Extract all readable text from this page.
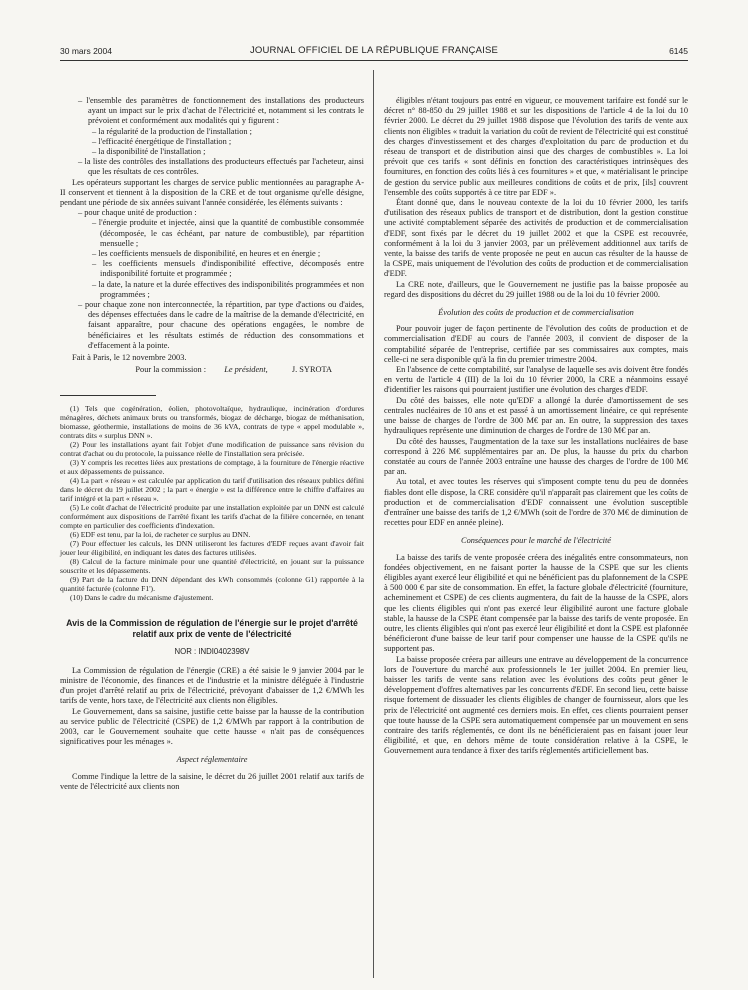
30 mars 2004	JOURNAL OFFICIEL DE LA RÉPUBLIQUE FRANÇAISE	6145

– l'ensemble des paramètres de fonctionnement des installations des producteurs ayant un impact sur le prix d'achat de l'électricité et, notamment si les contrats le prévoient et conformément aux modalités qui y figurent :

– la régularité de la production de l'installation ;

– l'efficacité énergétique de l'installation ;

– la disponibilité de l'installation ;

– la liste des contrôles des installations des producteurs effectués par l'acheteur, ainsi que les résultats de ces contrôles.

Les opérateurs supportant les charges de service public mentionnées au paragraphe A-II conservent et tiennent à la disposition de la CRE et de tout organisme qu'elle désigne, pendant une période de six années suivant l'année considérée, les éléments suivants :

– pour chaque unité de production :

– l'énergie produite et injectée, ainsi que la quantité de combustible consommée (décomposée, le cas échéant, par nature de combustible), par répartition mensuelle ;

– les coefficients mensuels de disponibilité, en heures et en énergie ;

– les coefficients mensuels d'indisponibilité effective, décomposés entre indisponibilité fortuite et programmée ;

– la date, la nature et la durée effectives des indisponibilités programmées et non programmées ;

– pour chaque zone non interconnectée, la répartition, par type d'actions ou d'aides, des dépenses effectuées dans le cadre de la maîtrise de la demande d'électricité, en faisant apparaître, pour chacune des opérations engagées, le nombre de bénéficiaires et les résultats estimés de réduction des consommations et d'effacement à la pointe.

Fait à Paris, le 12 novembre 2003.

Pour la commission : Le président,	J. SYROTA

(1) Tels que cogénération, éolien, photovoltaïque, hydraulique, incinération d'ordures ménagères, déchets animaux bruts ou transformés, biogaz de décharge, biogaz de méthanisation, biomasse, géothermie, installations de moins de 36 kVA, contrats de type « appel modulable », contrats dits « surplus DNN ».

(2) Pour les installations ayant fait l'objet d'une modification de puissance sans révision du contrat d'achat ou du protocole, la puissance réelle de l'installation sera précisée.

(3) Y compris les recettes liées aux prestations de comptage, à la fourniture de l'énergie réactive et aux dépassements de puissance.

(4) La part « réseau » est calculée par application du tarif d'utilisation des réseaux publics défini dans le décret du 19 juillet 2002 ; la part « énergie » est la différence entre le chiffre d'affaires au tarif intégré et la part « réseau ».

(5) Le coût d'achat de l'électricité produite par une installation exploitée par un DNN est calculé conformément aux dispositions de l'arrêté fixant les tarifs d'achat de la filière concernée, en tenant compte en particulier des coefficients d'indexation.

(6) EDF est tenu, par la loi, de racheter ce surplus au DNN.

(7) Pour effectuer les calculs, les DNN utiliseront les factures d'EDF reçues avant d'avoir fait jouer leur éligibilité, en indiquant les dates des factures utilisées.

(8) Calcul de la facture minimale pour une quantité d'électricité, en jouant sur la puissance souscrite et les dépassements.

(9) Part de la facture du DNN dépendant des kWh consommés (colonne G1) rapportée à la quantité facturée (colonne F1').

(10) Dans le cadre du mécanisme d'ajustement.

Avis de la Commission de régulation de l'énergie sur le projet d'arrêté relatif aux prix de vente de l'électricité
NOR : INDI0402398V

La Commission de régulation de l'énergie (CRE) a été saisie le 9 janvier 2004 par le ministre de l'économie, des finances et de l'industrie et la ministre déléguée à l'industrie d'un projet d'arrêté relatif au prix de l'électricité, prévoyant d'abaisser de 1,2 €/MWh les tarifs de vente, hors taxe, de l'électricité aux clients non éligibles.

Le Gouvernement, dans sa saisine, justifie cette baisse par la hausse de la contribution au service public de l'électricité (CSPE) de 1,2 €/MWh par rapport à la contribution de 2003, car le Gouvernement souhaite que cette hausse « n'ait pas de conséquences significatives pour les ménages ».

Aspect réglementaire

Comme l'indique la lettre de la saisine, le décret du 26 juillet 2001 relatif aux tarifs de vente de l'électricité aux clients non

éligibles n'étant toujours pas entré en vigueur, ce mouvement tarifaire est fondé sur le décret n° 88-850 du 29 juillet 1988 et sur les dispositions de l'article 4 de la loi du 10 février 2000. Le décret du 29 juillet 1988 dispose que l'évolution des tarifs de vente aux clients non éligibles « traduit la variation du coût de revient de l'électricité qui est constitué des charges d'investissement et des charges d'exploitation du parc de production et du réseau de transport et de distribution ainsi que des charges de combustibles ». La loi prévoit que ces tarifs « sont définis en fonction des caractéristiques intrinsèques des fournitures, en fonction des coûts liés à ces fournitures » et que, « matérialisant le principe de gestion du service public aux meilleures conditions de coûts et de prix, [ils] couvrent l'ensemble des coûts supportés à ce titre par EDF ».

Étant donné que, dans le nouveau contexte de la loi du 10 février 2000, les tarifs d'utilisation des réseaux publics de transport et de distribution, dont la gestion constitue une activité comptablement séparée des activités de production et de commercialisation d'EDF, sont fixés par le décret du 19 juillet 2002 et que la CSPE est recouvrée, conformément à la loi du 3 janvier 2003, par un prélèvement additionnel aux tarifs de vente, la baisse des tarifs de vente proposée ne peut en aucun cas résulter de la hausse de la CSPE, mais uniquement de l'évolution des coûts de production et de commercialisation d'EDF.

La CRE note, d'ailleurs, que le Gouvernement ne justifie pas la baisse proposée au regard des dispositions du décret du 29 juillet 1988 ou de la loi du 10 février 2000.

Évolution des coûts de production et de commercialisation

Pour pouvoir juger de façon pertinente de l'évolution des coûts de production et de commercialisation d'EDF au cours de l'année 2003, il convient de disposer de la comptabilité séparée de l'entreprise, certifiée par ses commissaires aux comptes, mais celle-ci ne sera disponible qu'à la fin du premier trimestre 2004.

En l'absence de cette comptabilité, sur l'analyse de laquelle ses avis doivent être fondés en vertu de l'article 4 (III) de la loi du 10 février 2000, la CRE a néanmoins essayé d'identifier les raisons qui pourraient justifier une évolution des charges d'EDF.

Du côté des baisses, elle note qu'EDF a allongé la durée d'amortissement de ses centrales nucléaires de 10 ans et est passé à un amortissement linéaire, ce qui représente une baisse de charges de l'ordre de 300 M€ par an. En outre, la suppression des taxes hydrauliques représente une diminution de charges de l'ordre de 130 M€ par an.

Du côté des hausses, l'augmentation de la taxe sur les installations nucléaires de base correspond à 226 M€ supplémentaires par an. De plus, la hausse du prix du charbon constatée au cours de l'année 2003 entraîne une hausse des charges de l'ordre de 100 M€ par an.

Au total, et avec toutes les réserves qui s'imposent compte tenu du peu de données fiables dont elle dispose, la CRE considère qu'il n'apparaît pas clairement que les coûts de production et de commercialisation d'EDF connaissent une évolution susceptible d'entraîner une baisse des tarifs de 1,2 €/MWh (soit de l'ordre de 370 M€ de diminution de recettes pour EDF en année pleine).

Conséquences pour le marché de l'électricité

La baisse des tarifs de vente proposée créera des inégalités entre consommateurs, non fondées objectivement, en ne faisant porter la hausse de la CSPE que sur les clients éligibles ayant exercé leur éligibilité et qui ne bénéficient pas du plafonnement de la CSPE à 500 000 € par site de consommation. En effet, la facture globale d'électricité (fourniture, acheminement et CSPE) de ces clients augmentera, du fait de la hausse de la CSPE, alors que les clients éligibles qui n'ont pas exercé leur éligibilité auront une facture globale stable, la hausse de la CSPE étant compensée par la baisse des tarifs de vente proposée. En outre, les clients éligibles qui n'ont pas exercé leur éligibilité et dont la CSPE est plafonnée bénéficieront d'une baisse de leur tarif pour compenser une hausse de la CSPE qu'ils ne supportent pas.

La baisse proposée créera par ailleurs une entrave au développement de la concurrence lors de l'ouverture du marché aux professionnels le 1er juillet 2004. En premier lieu, baisser les tarifs de vente sans relation avec les évolutions des coûts peut gêner le développement d'offres alternatives par les concurrents d'EDF. En second lieu, cette baisse risque fortement de dissuader les clients éligibles de changer de fournisseur, alors que les prix de l'électricité ont augmenté ces derniers mois. En effet, ces clients pourraient penser que toute hausse de la CSPE sera automatiquement compensée par un mouvement en sens contraire des tarifs réglementés, ce dont ils ne bénéficieraient pas en faisant jouer leur éligibilité, et que, en dehors même de toute considération relative à la CSPE, le Gouvernement aura tendance à fixer des tarifs réglementés artificiellement bas.
